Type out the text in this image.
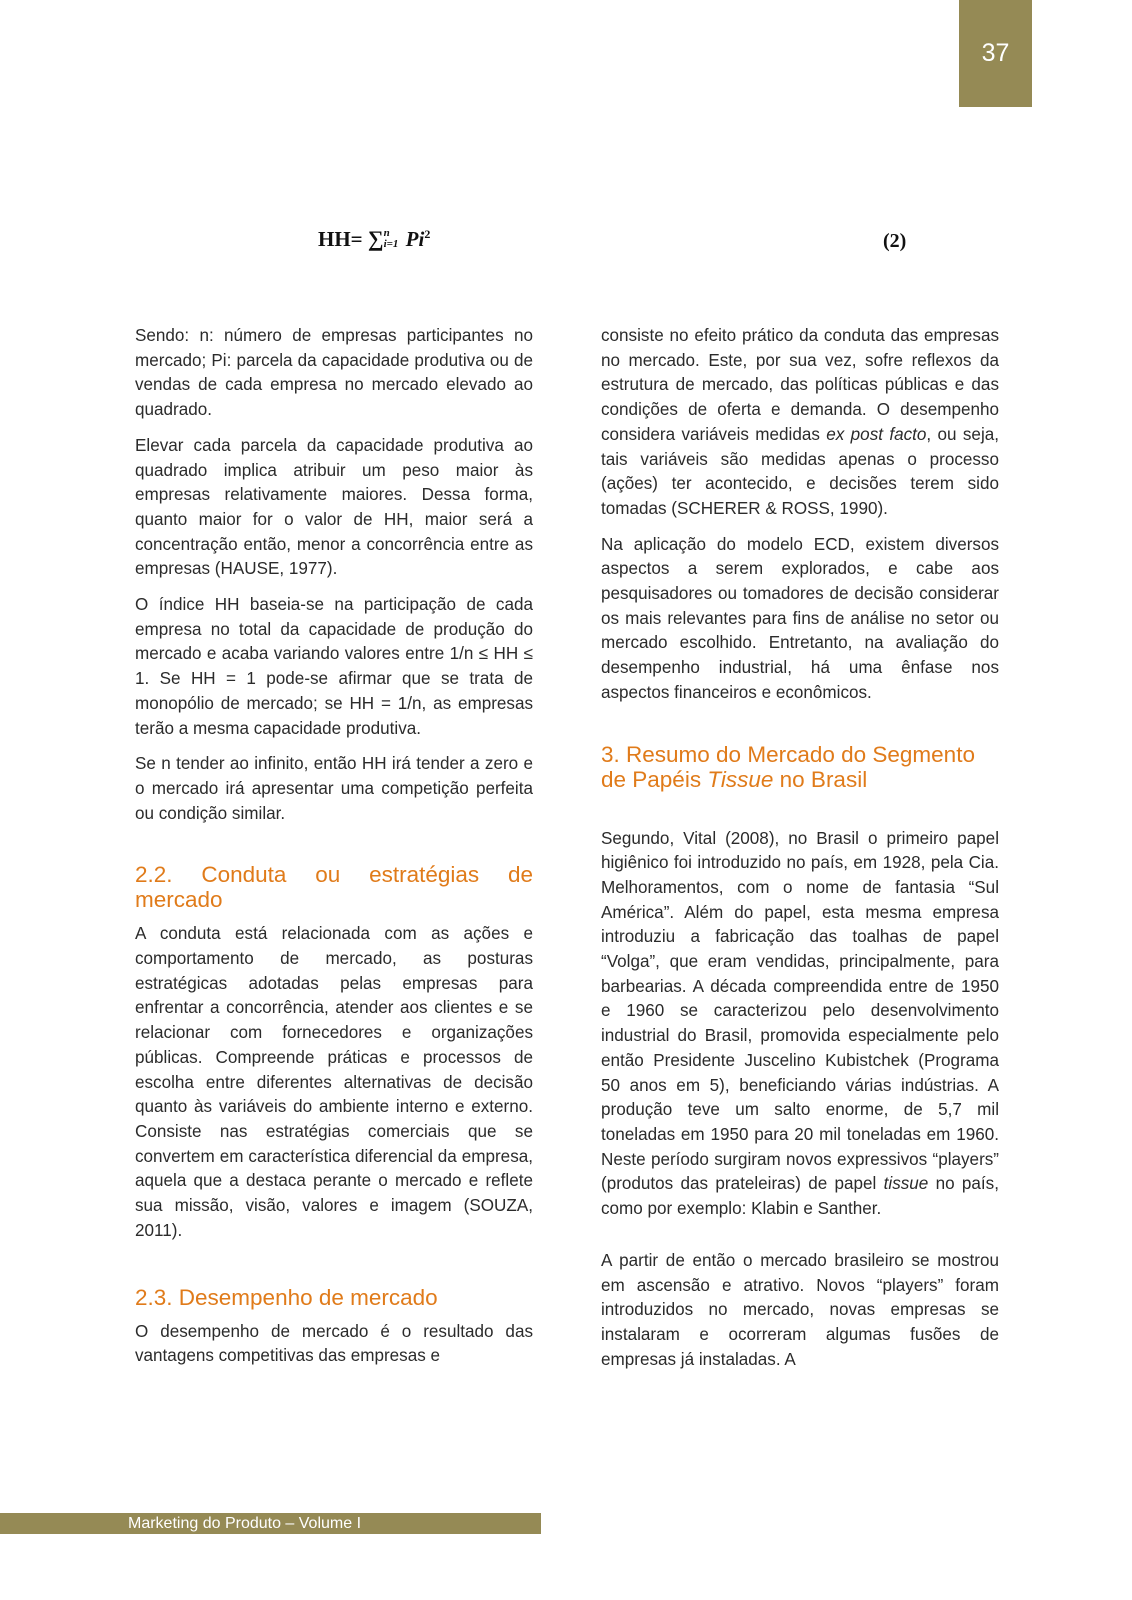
37
HH= ∑ n
i=1 Pi$^2$	(2)

Sendo: n: número de empresas participantes no mercado; Pi: parcela da capacidade produtiva ou de vendas de cada empresa no mercado elevado ao quadrado.

Elevar cada parcela da capacidade produtiva ao quadrado implica atribuir um peso maior às empresas relativamente maiores. Dessa forma, quanto maior for o valor de HH, maior será a concentração então, menor a concorrência entre as empresas (HAUSE, 1977).

O índice HH baseia-se na participação de cada empresa no total da capacidade de produção do mercado e acaba variando valores entre 1/n ≤ HH ≤ 1. Se HH = 1 pode-se afirmar que se trata de monopólio de mercado; se HH = 1/n, as empresas terão a mesma capacidade produtiva.

Se n tender ao infinito, então HH irá tender a zero e o mercado irá apresentar uma competição perfeita ou condição similar.

2.2. Conduta ou estratégias de mercado

A conduta está relacionada com as ações e comportamento de mercado, as posturas estratégicas adotadas pelas empresas para enfrentar a concorrência, atender aos clientes e se relacionar com fornecedores e organizações públicas. Compreende práticas e processos de escolha entre diferentes alternativas de decisão quanto às variáveis do ambiente interno e externo. Consiste nas estratégias comerciais que se convertem em característica diferencial da empresa, aquela que a destaca perante o mercado e reflete sua missão, visão, valores e imagem (SOUZA, 2011).

2.3. Desempenho de mercado

O desempenho de mercado é o resultado das vantagens competitivas das empresas e

consiste no efeito prático da conduta das empresas no mercado. Este, por sua vez, sofre reflexos da estrutura de mercado, das políticas públicas e das condições de oferta e demanda. O desempenho considera variáveis medidas ex post facto, ou seja, tais variáveis são medidas apenas o processo (ações) ter acontecido, e decisões terem sido tomadas (SCHERER & ROSS, 1990).

Na aplicação do modelo ECD, existem diversos aspectos a serem explorados, e cabe aos pesquisadores ou tomadores de decisão considerar os mais relevantes para fins de análise no setor ou mercado escolhido. Entretanto, na avaliação do desempenho industrial, há uma ênfase nos aspectos financeiros e econômicos.

3. Resumo do Mercado do Segmento de Papéis Tissue no Brasil

Segundo, Vital (2008), no Brasil o primeiro papel higiênico foi introduzido no país, em 1928, pela Cia. Melhoramentos, com o nome de fantasia “Sul América”. Além do papel, esta mesma empresa introduziu a fabricação das toalhas de papel “Volga”, que eram vendidas, principalmente, para barbearias. A década compreendida entre de 1950 e 1960 se caracterizou pelo desenvolvimento industrial do Brasil, promovida especialmente pelo então Presidente Juscelino Kubistchek (Programa 50 anos em 5), beneficiando várias indústrias. A produção teve um salto enorme, de 5,7 mil toneladas em 1950 para 20 mil toneladas em 1960. Neste período surgiram novos expressivos “players” (produtos das prateleiras) de papel tissue no país, como por exemplo: Klabin e Santher.

A partir de então o mercado brasileiro se mostrou em ascensão e atrativo. Novos “players” foram introduzidos no mercado, novas empresas se instalaram e ocorreram algumas fusões de empresas já instaladas. A

Marketing do Produto – Volume I
